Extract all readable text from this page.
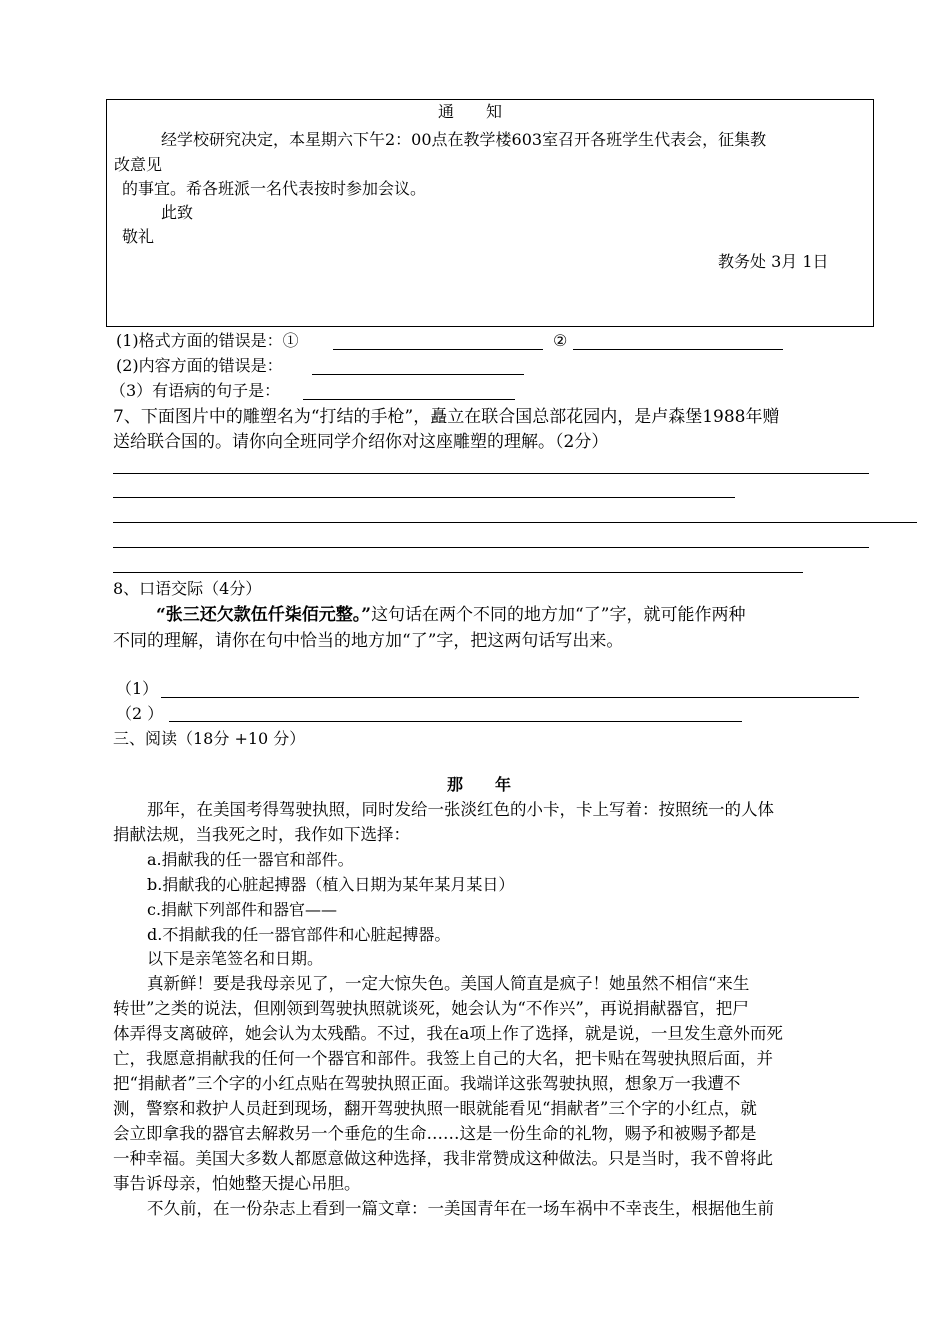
通　　知
经学校研究决定，本星期六下午2：00点在教学楼603室召开各班学生代表会，征集教
改意见
的事宜。希各班派一名代表按时参加会议。
此致
敬礼
教务处 3月 1日
(1)格式方面的错误是：①	②
(2)内容方面的错误是：
（3）有语病的句子是：
7、下面图片中的雕塑名为“打结的手枪”，矗立在联合国总部花园内，是卢森堡1988年赠
送给联合国的。请你向全班同学介绍你对这座雕塑的理解。（2分）
8、口语交际（4分）
“张三还欠款伍仟柒佰元整。”这句话在两个不同的地方加“了”字，就可能作两种
不同的理解，请你在句中恰当的地方加“了”字，把这两句话写出来。
（1）
（2 ）
三、阅读（18分 +10 分）
那　　年
那年，在美国考得驾驶执照，同时发给一张淡红色的小卡，卡上写着：按照统一的人体
捐献法规，当我死之时，我作如下选择：
a.捐献我的任一器官和部件。
b.捐献我的心脏起搏器（植入日期为某年某月某日）
c.捐献下列部件和器官——
d.不捐献我的任一器官部件和心脏起搏器。
以下是亲笔签名和日期。
真新鲜！要是我母亲见了，一定大惊失色。美国人简直是疯子！她虽然不相信“来生
转世”之类的说法，但刚领到驾驶执照就谈死，她会认为“不作兴”，再说捐献器官，把尸
体弄得支离破碎，她会认为太残酷。不过，我在a项上作了选择，就是说，一旦发生意外而死
亡，我愿意捐献我的任何一个器官和部件。我签上自己的大名，把卡贴在驾驶执照后面，并
把“捐献者”三个字的小红点贴在驾驶执照正面。我端详这张驾驶执照，想象万一我遭不
测，警察和救护人员赶到现场，翻开驾驶执照一眼就能看见“捐献者”三个字的小红点，就
会立即拿我的器官去解救另一个垂危的生命……这是一份生命的礼物，赐予和被赐予都是
一种幸福。美国大多数人都愿意做这种选择，我非常赞成这种做法。只是当时，我不曾将此
事告诉母亲，怕她整天提心吊胆。
不久前，在一份杂志上看到一篇文章：一美国青年在一场车祸中不幸丧生，根据他生前
